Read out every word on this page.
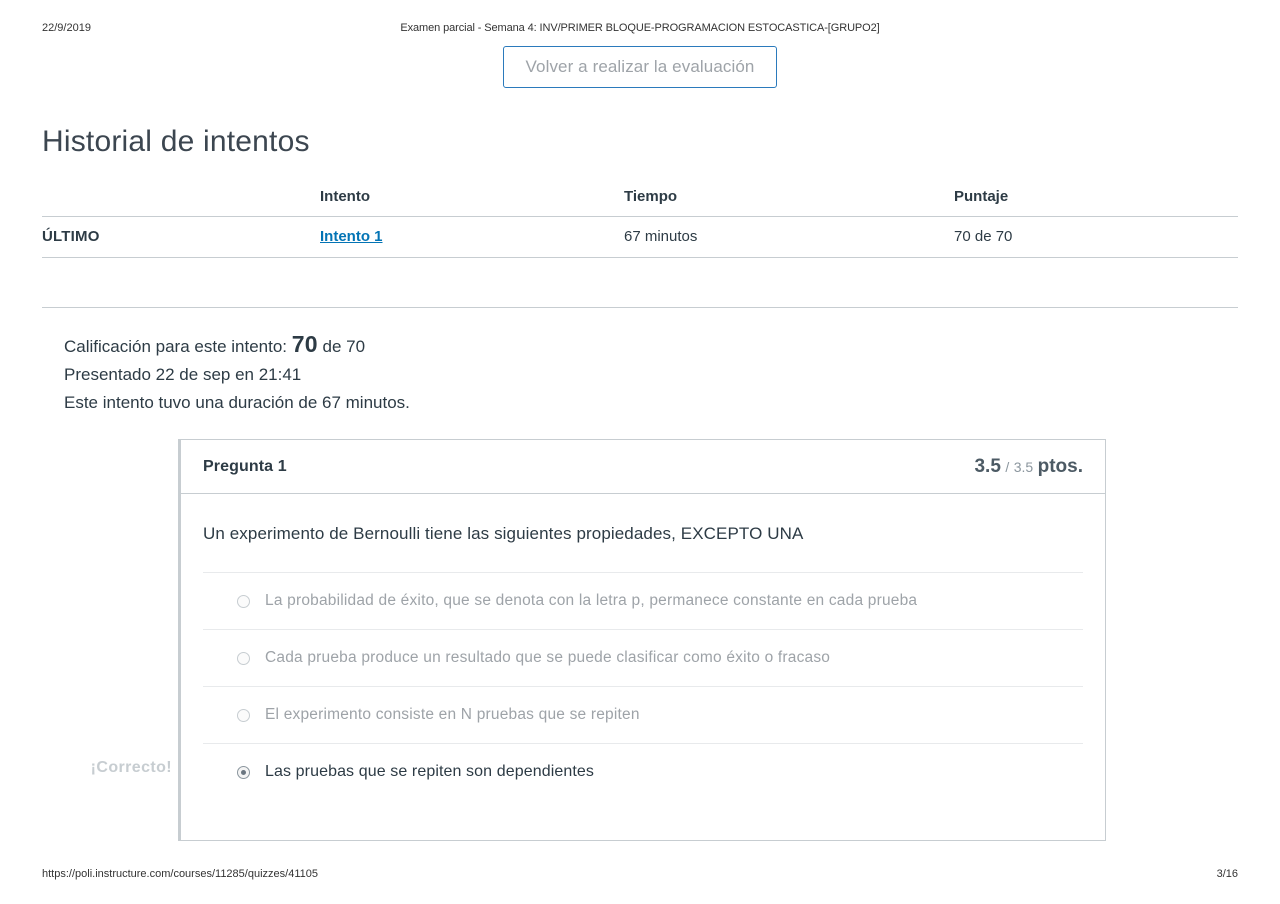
22/9/2019	Examen parcial - Semana 4: INV/PRIMER BLOQUE-PROGRAMACION ESTOCASTICA-[GRUPO2]
Volver a realizar la evaluación
Historial de intentos
	Intento	Tiempo	Puntaje
ÚLTIMO	Intento 1	67 minutos	70 de 70

Calificación para este intento: 70 de 70
Presentado 22 de sep en 21:41
Este intento tuvo una duración de 67 minutos.
¡Correcto!
Pregunta 1	3.5 / 3.5 ptos.
Un experimento de Bernoulli tiene las siguientes propiedades, EXCEPTO UNA
La probabilidad de éxito, que se denota con la letra p, permanece constante en cada prueba
Cada prueba produce un resultado que se puede clasificar como éxito o fracaso
El experimento consiste en N pruebas que se repiten
Las pruebas que se repiten son dependientes
https://poli.instructure.com/courses/11285/quizzes/41105	3/16
